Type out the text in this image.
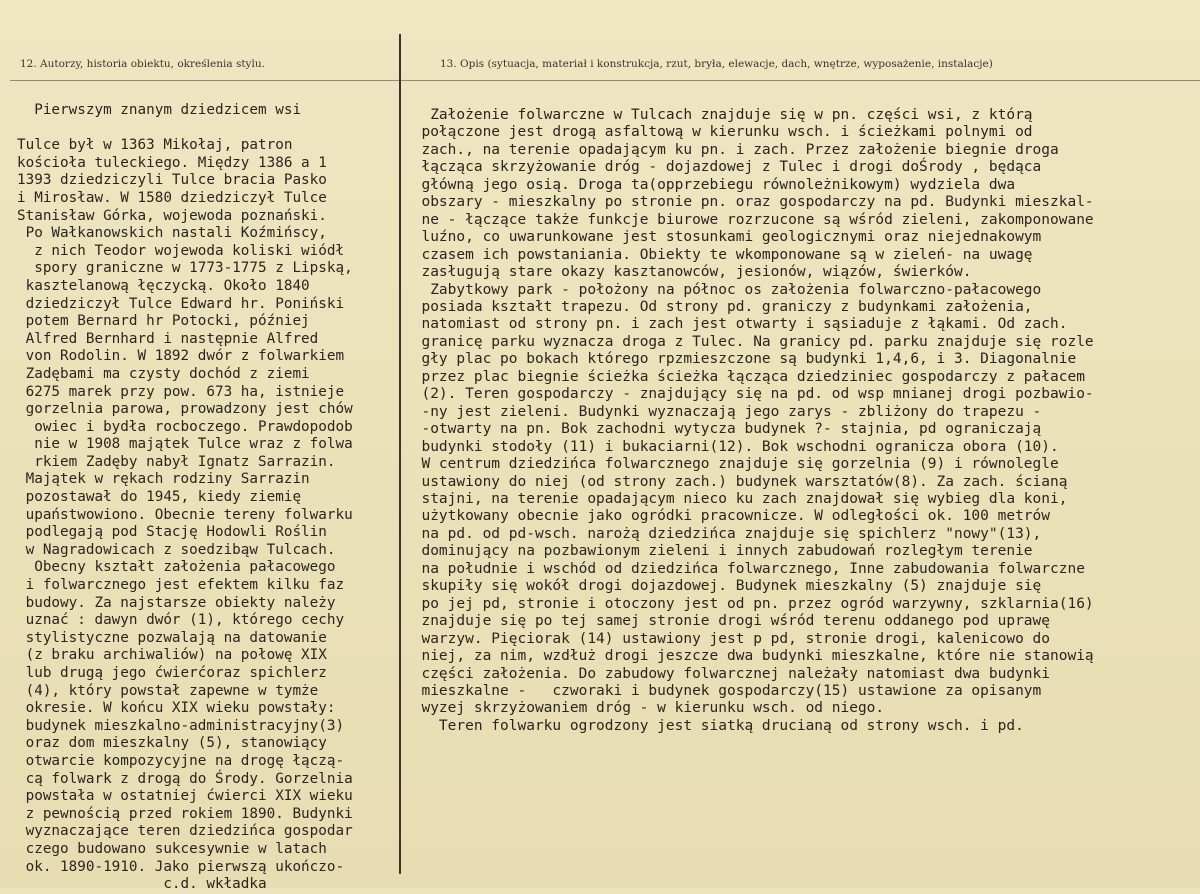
12. Autorzy, historia obiektu, określenia stylu.	13. Opis (sytuacja, materiał i konstrukcja, rzut, bryła, elewacje, dach, wnętrze, wyposażenie, instalacje)
Pierwszym znanym dziedzicem wsi

Tulce był w 1363 Mikołaj, patron
kościoła tuleckiego. Między 1386 a 1
1393 dziedziczyli Tulce bracia Pasko
i Mirosław. W 1580 dziedziczył Tulce
Stanisław Górka, wojewoda poznański.
Po Wałkanowskich nastali Koźmińscy,
z nich Teodor wojewoda koliski wiódł
spory graniczne w 1773-1775 z Lipską,
kasztelanową łęczycką. Około 1840
dziedziczył Tulce Edward hr. Poniński
potem Bernard hr Potocki, później
Alfred Bernhard i następnie Alfred
von Rodolin. W 1892 dwór z folwarkiem
Zadębami ma czysty dochód z ziemi
6275 marek przy pow. 673 ha, istnieje
gorzelnia parowa, prowadzony jest chów
owiec i bydła rocboczego. Prawdopodob
nie w 1908 majątek Tulce wraz z folwa
rkiem Zadęby nabył Ignatz Sarrazin.
Majątek w rękach rodziny Sarrazin
pozostawał do 1945, kiedy ziemię
upaństwowiono. Obecnie tereny folwarku
podlegają pod Stację Hodowli Roślin
w Nagradowicach z soedzibąw Tulcach.
Obecny kształt założenia pałacowego
i folwarcznego jest efektem kilku faz
budowy. Za najstarsze obiekty należy
uznać : dawyn dwór (1), którego cechy
stylistyczne pozwalają na datowanie
(z braku archiwaliów) na połowę XIX
lub drugą jego ćwierćoraz spichlerz
(4), który powstał zapewne w tymże
okresie. W końcu XIX wieku powstały:
budynek mieszkalno-administracyjny(3)
oraz dom mieszkalny (5), stanowiący
otwarcie kompozycyjne na drogę łączą-
cą folwark z drogą do Środy. Gorzelnia
powstała w ostatniej ćwierci XIX wieku
z pewnością przed rokiem 1890. Budynki
wyznaczające teren dziedzińca gospodar
czego budowano sukcesywnie w latach
ok. 1890-1910. Jako pierwszą ukończo-
c.d. wkładka
Założenie folwarczne w Tulcach znajduje się w pn. części wsi, z którą
połączone jest drogą asfaltową w kierunku wsch. i ścieżkami polnymi od
zach., na terenie opadającym ku pn. i zach. Przez założenie biegnie droga
łącząca skrzyżowanie dróg - dojazdowej z Tulec i drogi doŚrody , będąca
główną jego osią. Droga ta(opprzebiegu równoleżnikowym) wydziela dwa
obszary - mieszkalny po stronie pn. oraz gospodarczy na pd. Budynki mieszkal-
ne - łączące także funkcje biurowe rozrzucone są wśród zieleni, zakomponowane
luźno, co uwarunkowane jest stosunkami geologicznymi oraz niejednakowym
czasem ich powstaniania. Obiekty te wkomponowane są w zieleń- na uwagę
zasługują stare okazy kasztanowców, jesionów, wiązów, świerków.
Zabytkowy park - położony na północ os założenia folwarczno-pałacowego
posiada kształt trapezu. Od strony pd. graniczy z budynkami założenia,
natomiast od strony pn. i zach jest otwarty i sąsiaduje z łąkami. Od zach.
granicę parku wyznacza droga z Tulec. Na granicy pd. parku znajduje się rozle
gły plac po bokach którego rpzmieszczone są budynki 1,4,6, i 3. Diagonalnie
przez plac biegnie ścieżka ścieżka łącząca dziedziniec gospodarczy z pałacem
(2). Teren gospodarczy - znajdujący się na pd. od wsp mnianej drogi pozbawio-
-ny jest zieleni. Budynki wyznaczają jego zarys - zbliżony do trapezu -
-otwarty na pn. Bok zachodni wytycza budynek ?- stajnia, pd ograniczają
budynki stodoły (11) i bukaciarni(12). Bok wschodni ogranicza obora (10).
W centrum dziedzińca folwarcznego znajduje się gorzelnia (9) i równolegle
ustawiony do niej (od strony zach.) budynek warsztatów(8). Za zach. ścianą
stajni, na terenie opadającym nieco ku zach znajdował się wybieg dla koni,
użytkowany obecnie jako ogródki pracownicze. W odległości ok. 100 metrów
na pd. od pd-wsch. narożą dziedzińca znajduje się spichlerz "nowy"(13),
dominujący na pozbawionym zieleni i innych zabudowań rozległym terenie
na południe i wschód od dziedzińca folwarcznego, Inne zabudowania folwarczne
skupiły się wokół drogi dojazdowej. Budynek mieszkalny (5) znajduje się
po jej pd, stronie i otoczony jest od pn. przez ogród warzywny, szklarnia(16)
znajduje się po tej samej stronie drogi wśród terenu oddanego pod uprawę
warzyw. Pięciorak (14) ustawiony jest p pd, stronie drogi, kalenicowo do
niej, za nim, wzdłuż drogi jeszcze dwa budynki mieszkalne, które nie stanowią
części założenia. Do zabudowy folwarcznej należały natomiast dwa budynki
mieszkalne -   czworaki i budynek gospodarczy(15) ustawione za opisanym
wyzej skrzyżowaniem dróg - w kierunku wsch. od niego.
Teren folwarku ogrodzony jest siatką drucianą od strony wsch. i pd.
